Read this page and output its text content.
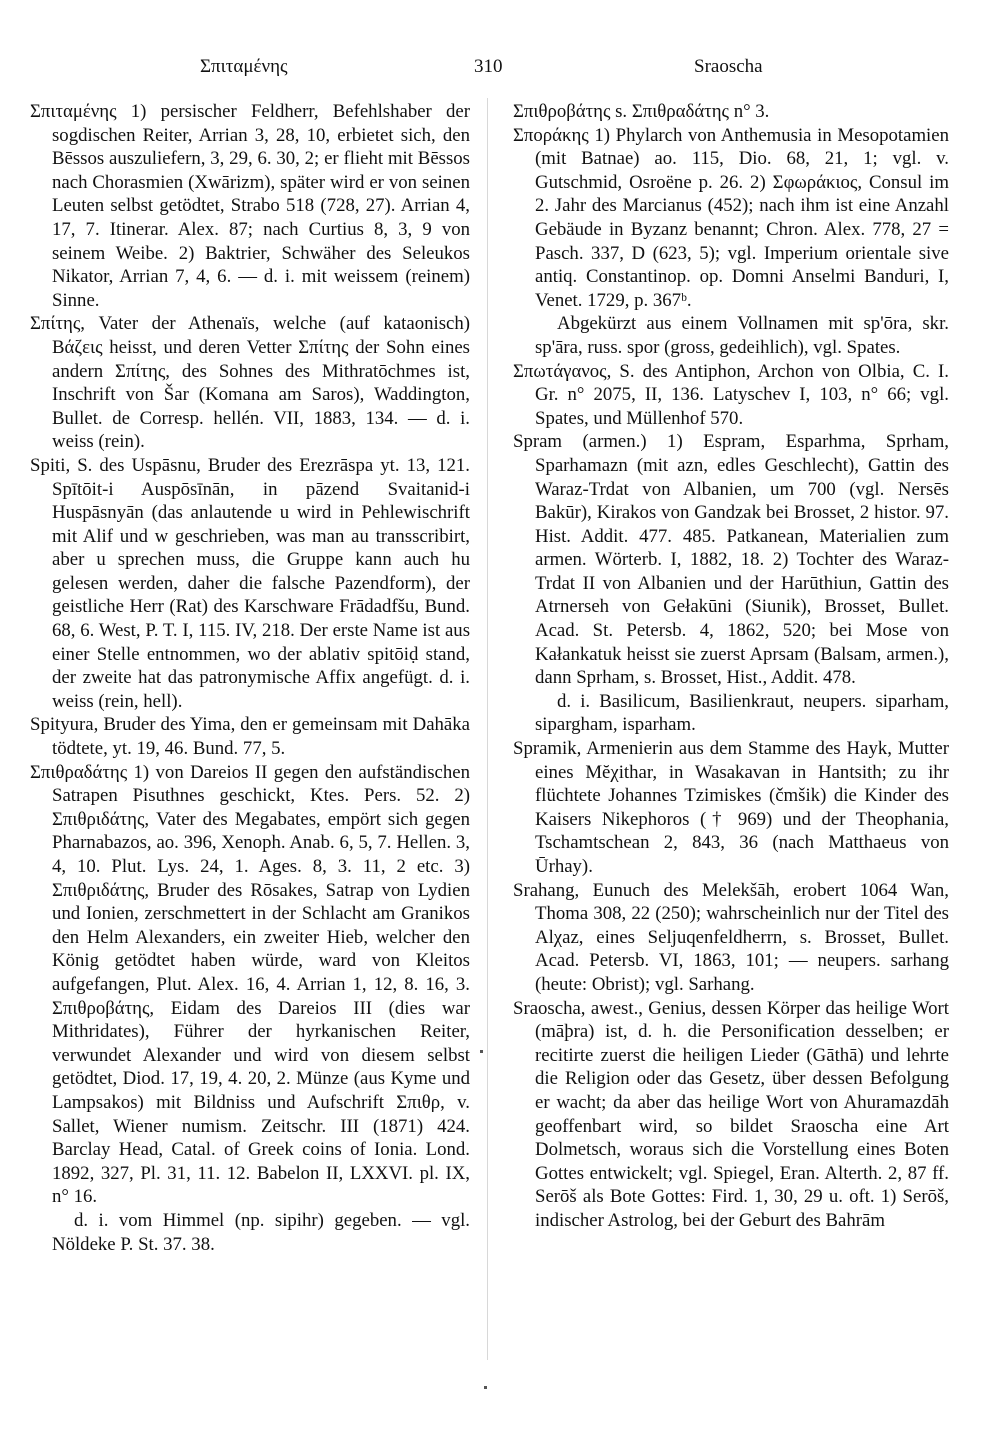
Σπιταμένης	310	Sraoscha

Σπιταμένης 1) persischer Feldherr, Befehlshaber der sogdischen Reiter, Arrian 3, 28, 10, erbietet sich, den Bēssos auszuliefern, 3, 29, 6. 30, 2; er flieht mit Bēssos nach Chorasmien (Xwārizm), später wird er von seinen Leuten selbst getödtet, Strabo 518 (728, 27). Arrian 4, 17, 7. Itinerar. Alex. 87; nach Curtius 8, 3, 9 von seinem Weibe. 2) Baktrier, Schwäher des Seleukos Nikator, Arrian 7, 4, 6. — d. i. mit weissem (reinem) Sinne.

Σπίτης, Vater der Athenaïs, welche (auf kataonisch) Βάζεις heisst, und deren Vetter Σπίτης der Sohn eines andern Σπίτης, des Sohnes des Mithratōchmes ist, Inschrift von Šar (Komana am Saros), Waddington, Bullet. de Corresp. hellén. VII, 1883, 134. — d. i. weiss (rein).

Spiti, S. des Uspāsnu, Bruder des Erezrāspa yt. 13, 121. Spītōit-i Auspōsīnān, in pāzend Svaitanid-i Huspāsnyān (das anlautende u wird in Pehlewischrift mit Alif und w geschrieben, was man au transscribirt, aber u sprechen muss, die Gruppe kann auch hu gelesen werden, daher die falsche Pazendform), der geistliche Herr (Rat) des Karschware Frādadfšu, Bund. 68, 6. West, P. T. I, 115. IV, 218. Der erste Name ist aus einer Stelle entnommen, wo der ablativ spitōiḍ stand, der zweite hat das patronymische Affix angefügt. d. i. weiss (rein, hell).

Spityura, Bruder des Yima, den er gemeinsam mit Dahāka tödtete, yt. 19, 46. Bund. 77, 5.

Σπιθραδάτης 1) von Dareios II gegen den aufständischen Satrapen Pisuthnes geschickt, Ktes. Pers. 52. 2) Σπιθριδάτης, Vater des Megabates, empört sich gegen Pharnabazos, ao. 396, Xenoph. Anab. 6, 5, 7. Hellen. 3, 4, 10. Plut. Lys. 24, 1. Ages. 8, 3. 11, 2 etc. 3) Σπιθριδάτης, Bruder des Rōsakes, Satrap von Lydien und Ionien, zerschmettert in der Schlacht am Granikos den Helm Alexanders, ein zweiter Hieb, welcher den König getödtet haben würde, ward von Kleitos aufgefangen, Plut. Alex. 16, 4. Arrian 1, 12, 8. 16, 3. Σπιθροβάτης, Eidam des Dareios III (dies war Mithridates), Führer der hyrkanischen Reiter, verwundet Alexander und wird von diesem selbst getödtet, Diod. 17, 19, 4. 20, 2. Münze (aus Kyme und Lampsakos) mit Bildniss und Aufschrift Σπιθρ, v. Sallet, Wiener numism. Zeitschr. III (1871) 424. Barclay Head, Catal. of Greek coins of Ionia. Lond. 1892, 327, Pl. 31, 11. 12. Babelon II, LXXVI. pl. IX, n° 16.

d. i. vom Himmel (np. sipihr) gegeben. — vgl. Nöldeke P. St. 37. 38.

Σπιθροβάτης s. Σπιθραδάτης n° 3.

Σποράκης 1) Phylarch von Anthemusia in Mesopotamien (mit Batnae) ao. 115, Dio. 68, 21, 1; vgl. v. Gutschmid, Osroëne p. 26. 2) Σφωράκιος, Consul im 2. Jahr des Marcianus (452); nach ihm ist eine Anzahl Gebäude in Byzanz benannt; Chron. Alex. 778, 27 = Pasch. 337, D (623, 5); vgl. Imperium orientale sive antiq. Constantinop. op. Domni Anselmi Banduri, I, Venet. 1729, p. 367ᵇ.

Abgekürzt aus einem Vollnamen mit sp'ōra, skr. sp'āra, russ. spor (gross, gedeihlich), vgl. Spates.

Σπωτάγανος, S. des Antiphon, Archon von Olbia, C. I. Gr. n° 2075, II, 136. Latyschev I, 103, n° 66; vgl. Spates, und Müllenhof 570.

Spram (armen.) 1) Espram, Esparhma, Sprham, Sparhamazn (mit azn, edles Geschlecht), Gattin des Waraz-Trdat von Albanien, um 700 (vgl. Nersēs Bakūr), Kirakos von Gandzak bei Brosset, 2 histor. 97. Hist. Addit. 477. 485. Patkanean, Materialien zum armen. Wörterb. I, 1882, 18. 2) Tochter des Waraz-Trdat II von Albanien und der Harūthiun, Gattin des Atrnerseh von Gełakūni (Siunik), Brosset, Bullet. Acad. St. Petersb. 4, 1862, 520; bei Mose von Kałankatuk heisst sie zuerst Aprsam (Balsam, armen.), dann Sprham, s. Brosset, Hist., Addit. 478.

d. i. Basilicum, Basilienkraut, neupers. siparham, sipargham, isparham.

Spramik, Armenierin aus dem Stamme des Hayk, Mutter eines Mĕχithar, in Wasakavan in Hantsith; zu ihr flüchtete Johannes Tzimiskes (čmšik) die Kinder des Kaisers Nikephoros († 969) und der Theophania, Tschamtschean 2, 843, 36 (nach Matthaeus von Ūrhay).

Srahang, Eunuch des Melekšāh, erobert 1064 Wan, Thoma 308, 22 (250); wahrscheinlich nur der Titel des Alχaz, eines Seljuqenfeldherrn, s. Brosset, Bullet. Acad. Petersb. VI, 1863, 101; — neupers. sarhang (heute: Obrist); vgl. Sarhang.

Sraoscha, awest., Genius, dessen Körper das heilige Wort (māþra) ist, d. h. die Personification desselben; er recitirte zuerst die heiligen Lieder (Gāthā) und lehrte die Religion oder das Gesetz, über dessen Befolgung er wacht; da aber das heilige Wort von Ahuramazdāh geoffenbart wird, so bildet Sraoscha eine Art Dolmetsch, woraus sich die Vorstellung eines Boten Gottes entwickelt; vgl. Spiegel, Eran. Alterth. 2, 87 ff. Serōš als Bote Gottes: Fird. 1, 30, 29 u. oft. 1) Serōš, indischer Astrolog, bei der Geburt des Bahrām
